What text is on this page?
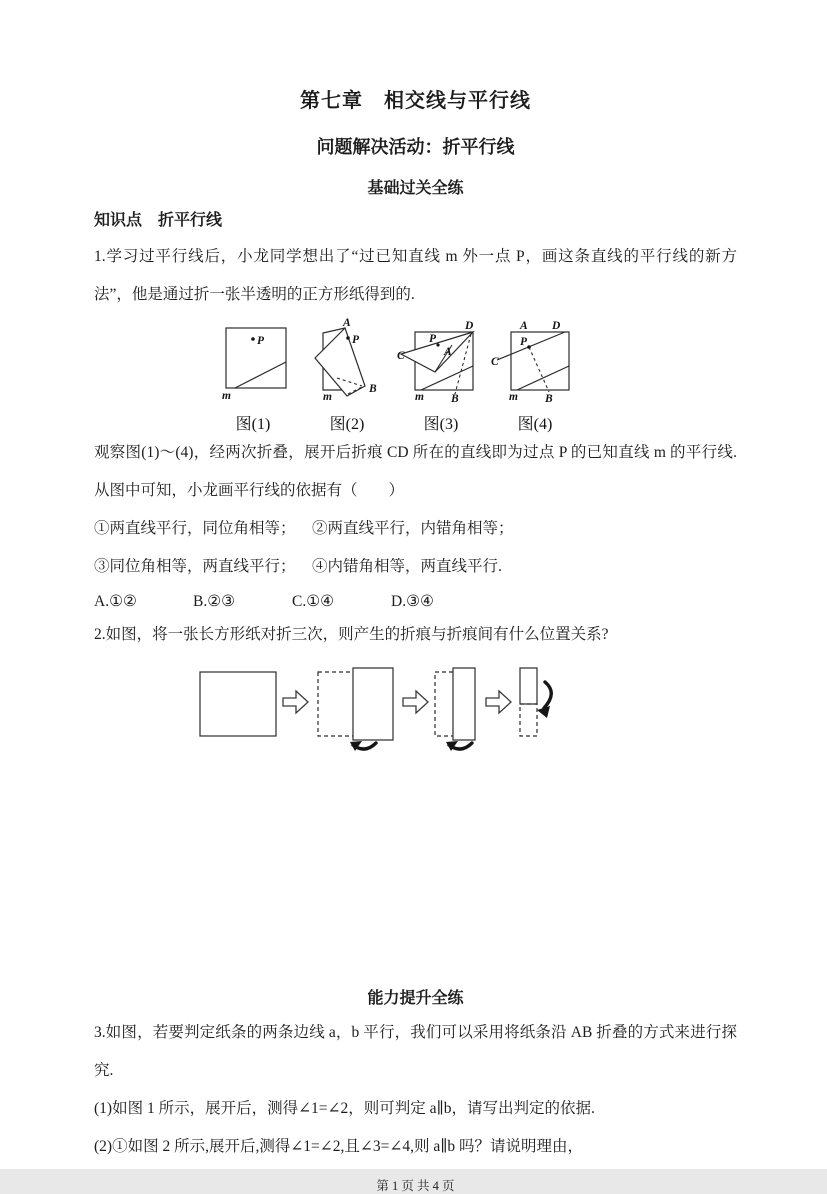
第七章　相交线与平行线
问题解决活动：折平行线
基础过关全练
知识点　折平行线

1.学习过平行线后，小龙同学想出了“过已知直线 m 外一点 P，画这条直线的平行线的新方法”，他是通过折一张半透明的正方形纸得到的.

P
m
图(1)
A
P
B
m
图(2)
D
C
P
A
B
m
图(3)
A D
C
P
B
m
图(4)

观察图(1)～(4)，经两次折叠，展开后折痕 CD 所在的直线即为过点 P 的已知直线 m 的平行线.从图中可知，小龙画平行线的依据有（　　）

①两直线平行，同位角相等； ②两直线平行，内错角相等；

③同位角相等，两直线平行； ④内错角相等，两直线平行.

A.①②	B.②③	C.①④	D.③④

2.如图，将一张长方形纸对折三次，则产生的折痕与折痕间有什么位置关系?

能力提升全练

3.如图，若要判定纸条的两条边线 a，b 平行，我们可以采用将纸条沿 AB 折叠的方式来进行探究.

(1)如图 1 所示，展开后，测得∠1=∠2，则可判定 a∥b，请写出判定的依据.

(2)①如图 2 所示,展开后,测得∠1=∠2,且∠3=∠4,则 a∥b 吗？请说明理由，

第 1 页 共 4 页
